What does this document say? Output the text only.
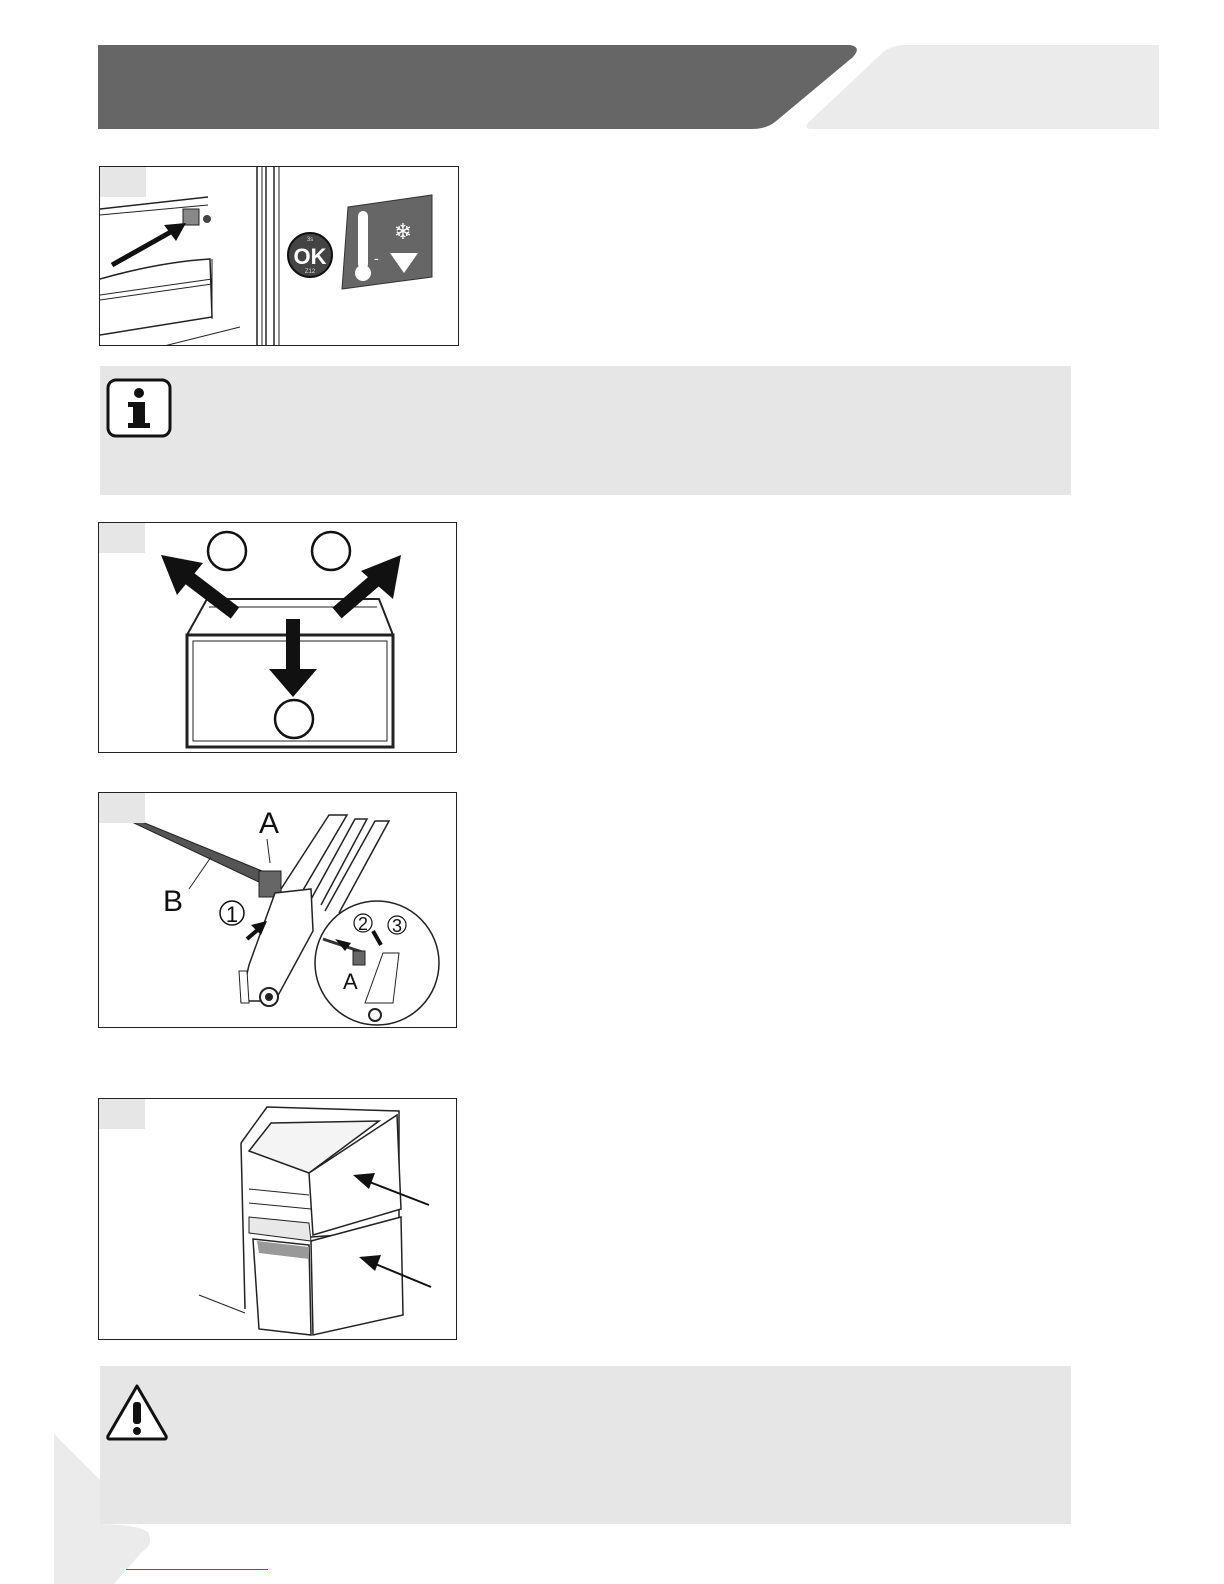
OK
3s
Z12
-
❄
A
B 1	2 3
A
